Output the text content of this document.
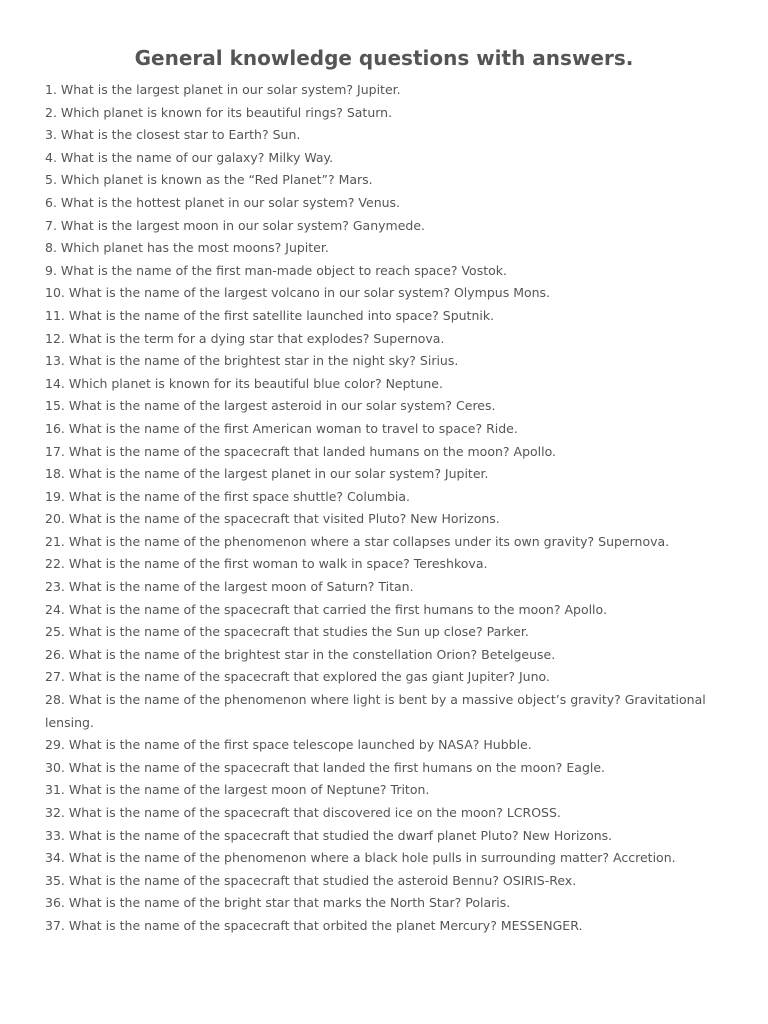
General knowledge questions with answers.
1. What is the largest planet in our solar system? Jupiter.
2. Which planet is known for its beautiful rings? Saturn.
3. What is the closest star to Earth? Sun.
4. What is the name of our galaxy? Milky Way.
5. Which planet is known as the “Red Planet”? Mars.
6. What is the hottest planet in our solar system? Venus.
7. What is the largest moon in our solar system? Ganymede.
8. Which planet has the most moons? Jupiter.
9. What is the name of the first man-made object to reach space? Vostok.
10. What is the name of the largest volcano in our solar system? Olympus Mons.
11. What is the name of the first satellite launched into space? Sputnik.
12. What is the term for a dying star that explodes? Supernova.
13. What is the name of the brightest star in the night sky? Sirius.
14. Which planet is known for its beautiful blue color? Neptune.
15. What is the name of the largest asteroid in our solar system? Ceres.
16. What is the name of the first American woman to travel to space? Ride.
17. What is the name of the spacecraft that landed humans on the moon? Apollo.
18. What is the name of the largest planet in our solar system? Jupiter.
19. What is the name of the first space shuttle? Columbia.
20. What is the name of the spacecraft that visited Pluto? New Horizons.
21. What is the name of the phenomenon where a star collapses under its own gravity? Supernova.
22. What is the name of the first woman to walk in space? Tereshkova.
23. What is the name of the largest moon of Saturn? Titan.
24. What is the name of the spacecraft that carried the first humans to the moon? Apollo.
25. What is the name of the spacecraft that studies the Sun up close? Parker.
26. What is the name of the brightest star in the constellation Orion? Betelgeuse.
27. What is the name of the spacecraft that explored the gas giant Jupiter? Juno.
28. What is the name of the phenomenon where light is bent by a massive object’s gravity? Gravitational lensing.
29. What is the name of the first space telescope launched by NASA? Hubble.
30. What is the name of the spacecraft that landed the first humans on the moon? Eagle.
31. What is the name of the largest moon of Neptune? Triton.
32. What is the name of the spacecraft that discovered ice on the moon? LCROSS.
33. What is the name of the spacecraft that studied the dwarf planet Pluto? New Horizons.
34. What is the name of the phenomenon where a black hole pulls in surrounding matter? Accretion.
35. What is the name of the spacecraft that studied the asteroid Bennu? OSIRIS-Rex.
36. What is the name of the bright star that marks the North Star? Polaris.
37. What is the name of the spacecraft that orbited the planet Mercury? MESSENGER.
